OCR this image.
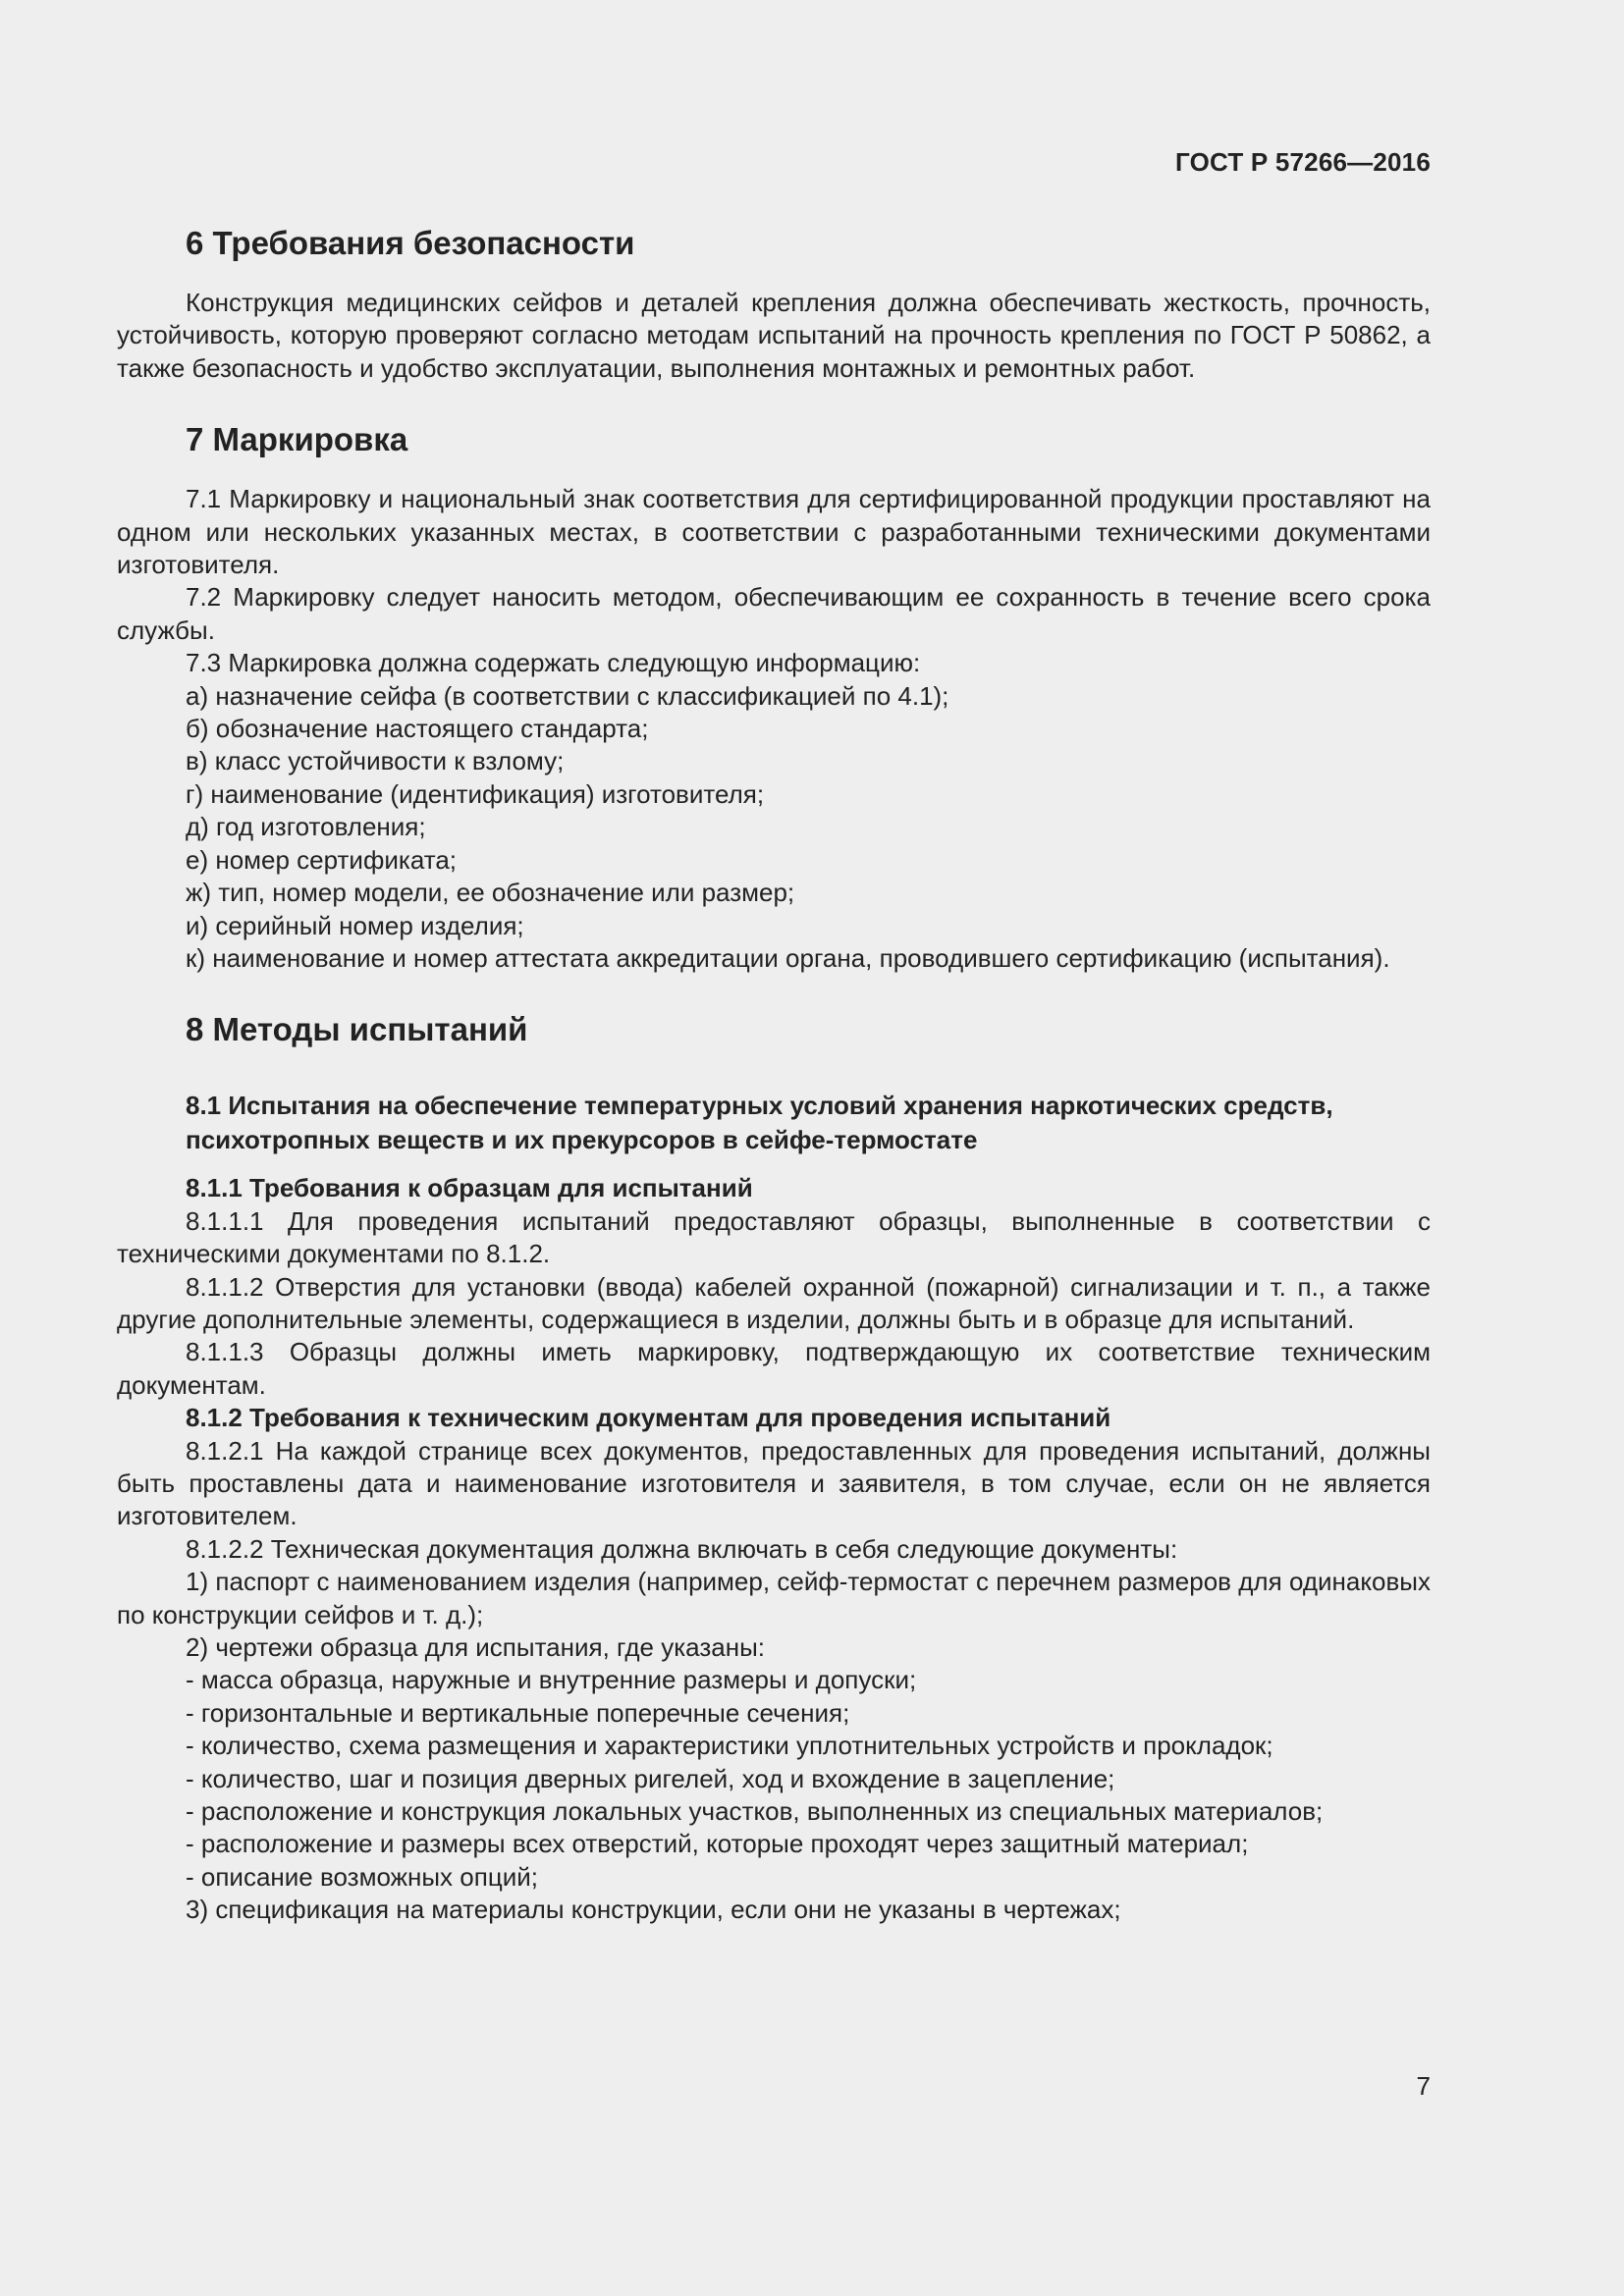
ГОСТ Р 57266—2016
6 Требования безопасности

Конструкция медицинских сейфов и деталей крепления должна обеспечивать жесткость, прочность, устойчивость, которую проверяют согласно методам испытаний на прочность крепления по ГОСТ Р 50862, а также безопасность и удобство эксплуатации, выполнения монтажных и ремонтных работ.

7 Маркировка

7.1 Маркировку и национальный знак соответствия для сертифицированной продукции проставляют на одном или нескольких указанных местах, в соответствии с разработанными техническими документами изготовителя.

7.2 Маркировку следует наносить методом, обеспечивающим ее сохранность в течение всего срока службы.

7.3 Маркировка должна содержать следующую информацию:

а) назначение сейфа (в соответствии с классификацией по 4.1);

б) обозначение настоящего стандарта;

в) класс устойчивости к взлому;

г) наименование (идентификация) изготовителя;

д) год изготовления;

е) номер сертификата;

ж) тип, номер модели, ее обозначение или размер;

и) серийный номер изделия;

к) наименование и номер аттестата аккредитации органа, проводившего сертификацию (испытания).

8 Методы испытаний
8.1 Испытания на обеспечение температурных условий хранения наркотических средств, психотропных веществ и их прекурсоров в сейфе-термостате

8.1.1 Требования к образцам для испытаний

8.1.1.1 Для проведения испытаний предоставляют образцы, выполненные в соответствии с техническими документами по 8.1.2.

8.1.1.2 Отверстия для установки (ввода) кабелей охранной (пожарной) сигнализации и т. п., а также другие дополнительные элементы, содержащиеся в изделии, должны быть и в образце для испытаний.

8.1.1.3 Образцы должны иметь маркировку, подтверждающую их соответствие техническим документам.

8.1.2 Требования к техническим документам для проведения испытаний

8.1.2.1 На каждой странице всех документов, предоставленных для проведения испытаний, должны быть проставлены дата и наименование изготовителя и заявителя, в том случае, если он не является изготовителем.

8.1.2.2 Техническая документация должна включать в себя следующие документы:

1) паспорт с наименованием изделия (например, сейф-термостат с перечнем размеров для одинаковых по конструкции сейфов и т. д.);

2) чертежи образца для испытания, где указаны:

- масса образца, наружные и внутренние размеры и допуски;

- горизонтальные и вертикальные поперечные сечения;

- количество, схема размещения и характеристики уплотнительных устройств и прокладок;

- количество, шаг и позиция дверных ригелей, ход и вхождение в зацепление;

- расположение и конструкция локальных участков, выполненных из специальных материалов;

- расположение и размеры всех отверстий, которые проходят через защитный материал;

- описание возможных опций;

3) спецификация на материалы конструкции, если они не указаны в чертежах;

7
